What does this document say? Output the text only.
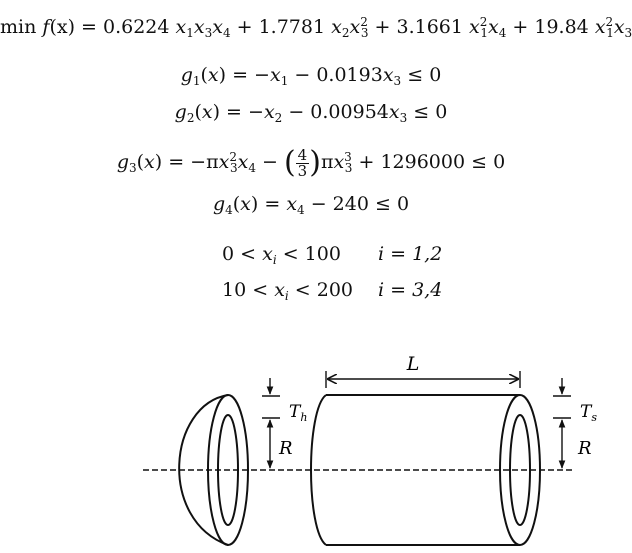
min f(x) = 0.6224 $x_1x_3x_4 + 1.7781$ $x_2x^2_3 + 3.1661$ $x^2_1x_4 + 19.84$ $x^2_1x_3$
$g_1(x) = -x_1 - 0.0193x_3 \le 0$
$g_2(x) = -x_2 - 0.00954x_3 \le 0$
$g_3(x) = -\pi x^2_3x_4$ − ( $\frac{4}{3} )\pi x^3_3 + 1296000 \le 0$
$g_4(x) = x_4 - 240 \le 0$
$0 < x_i < 100$ i = 1,2
$10 < x_i < 200$ i = 3,4
L
$T_h$
R
$T_s$
R
